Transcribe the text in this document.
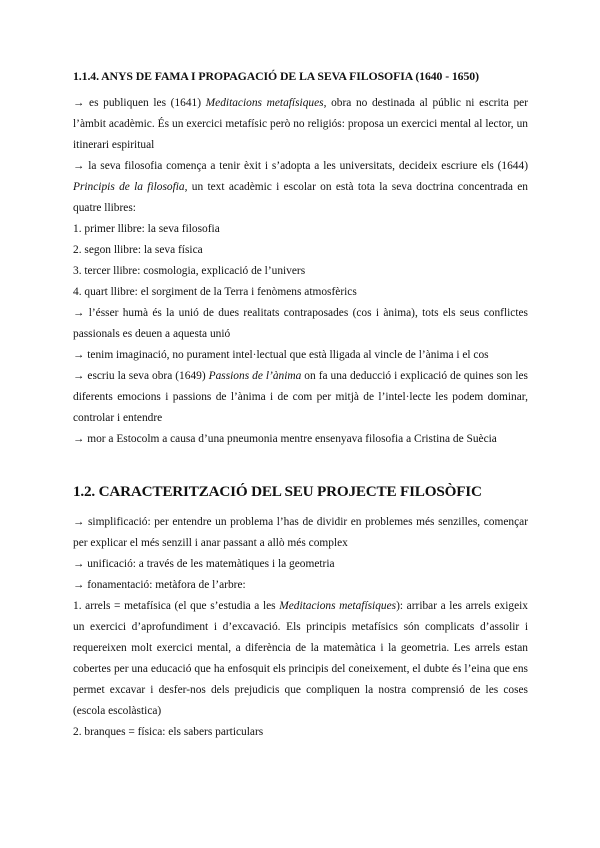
1.1.4. ANYS DE FAMA I PROPAGACIÓ DE LA SEVA FILOSOFIA (1640 - 1650)

→ es publiquen les (1641) Meditacions metafísiques, obra no destinada al públic ni escrita per l’àmbit acadèmic. És un exercici metafísic però no religiós: proposa un exercici mental al lector, un itinerari espiritual

→ la seva filosofia comença a tenir èxit i s’adopta a les universitats, decideix escriure els (1644) Principis de la filosofia, un text acadèmic i escolar on està tota la seva doctrina concentrada en quatre llibres:

1. primer llibre: la seva filosofia

2. segon llibre: la seva física

3. tercer llibre: cosmologia, explicació de l’univers

4. quart llibre: el sorgiment de la Terra i fenòmens atmosfèrics

→ l’ésser humà és la unió de dues realitats contraposades (cos i ànima), tots els seus conflictes passionals es deuen a aquesta unió

→ tenim imaginació, no purament intel·lectual que està lligada al vincle de l’ànima i el cos

→ escriu la seva obra (1649) Passions de l’ànima on fa una deducció i explicació de quines son les diferents emocions i passions de l’ànima i de com per mitjà de l’intel·lecte les podem dominar, controlar i entendre

→ mor a Estocolm a causa d’una pneumonia mentre ensenyava filosofia a Cristina de Suècia

1.2. CARACTERITZACIÓ DEL SEU PROJECTE FILOSÒFIC

→ simplificació: per entendre un problema l’has de dividir en problemes més senzilles, començar per explicar el més senzill i anar passant a allò més complex

→ unificació: a través de les matemàtiques i la geometria

→ fonamentació: metàfora de l’arbre:

1. arrels = metafísica (el que s’estudia a les Meditacions metafísiques): arribar a les arrels exigeix un exercici d’aprofundiment i d’excavació. Els principis metafísics són complicats d’assolir i requereixen molt exercici mental, a diferència de la matemàtica i la geometria. Les arrels estan cobertes per una educació que ha enfosquit els principis del coneixement, el dubte és l’eina que ens permet excavar i desfer-nos dels prejudicis que compliquen la nostra comprensió de les coses (escola escolàstica)

2. branques = física: els sabers particulars
